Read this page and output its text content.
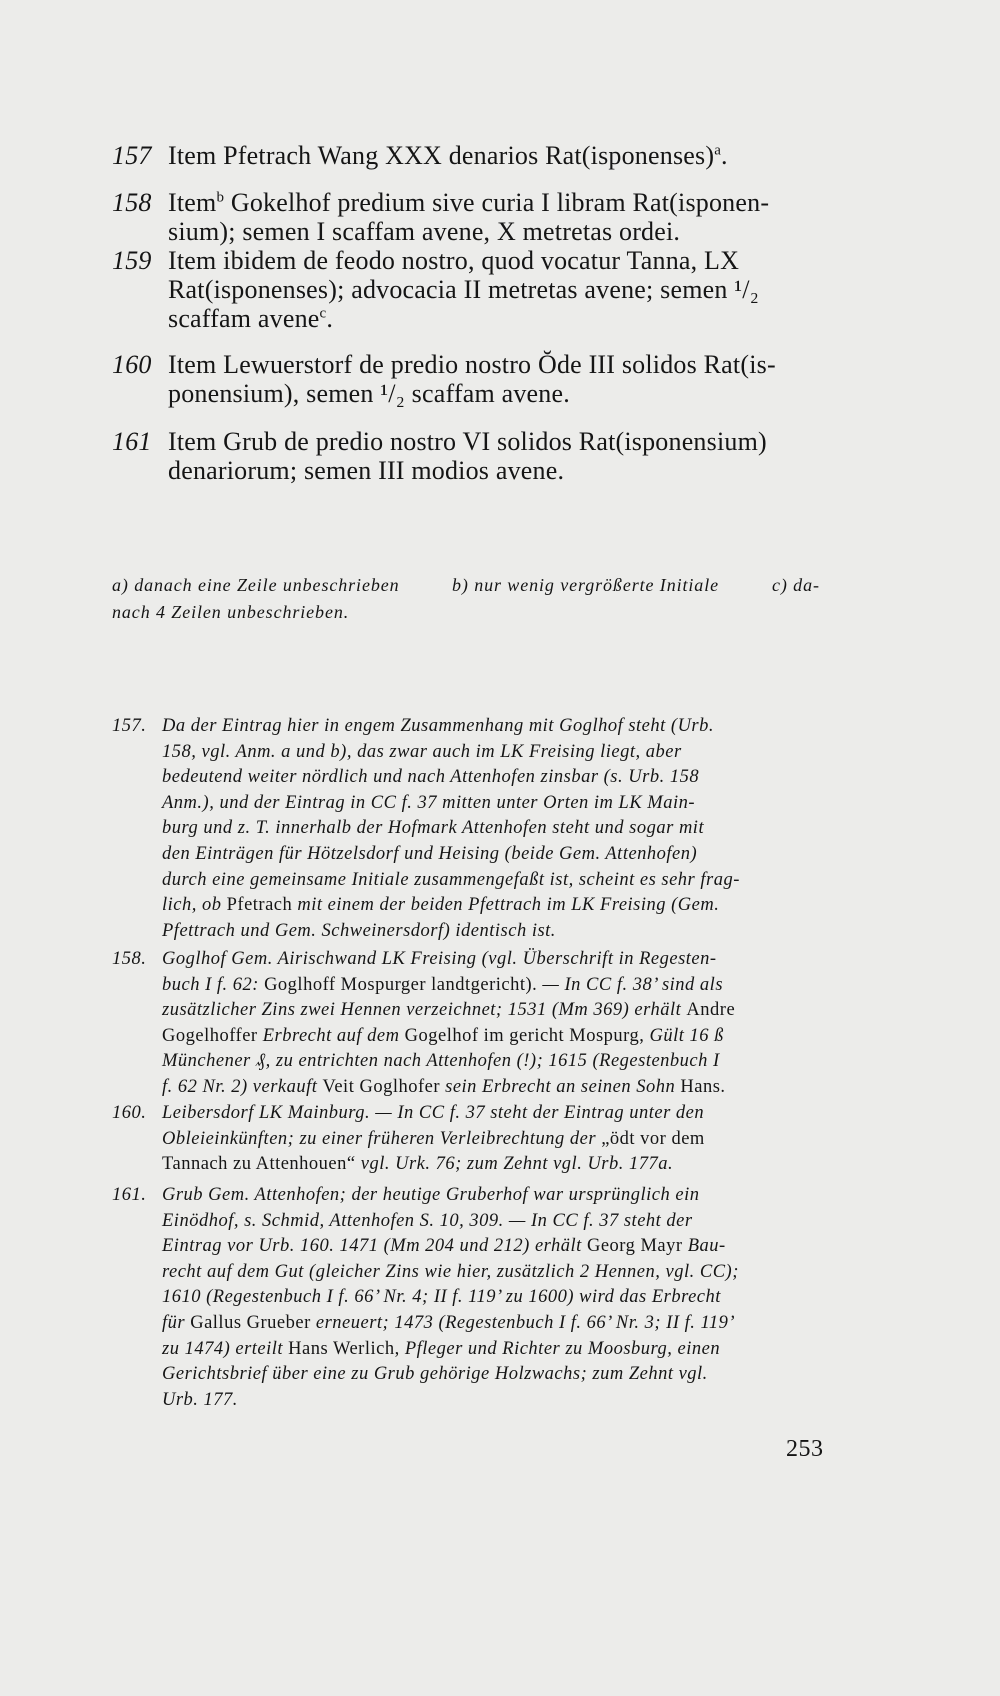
157 Item Pfetrach Wang XXX denarios Rat(isponenses)$^a$.
158 Item$^b$ Gokelhof predium sive curia I libram Rat(isponen-
sium); semen I scaffam avene, X metretas ordei.
159 Item ibidem de feodo nostro, quod vocatur Tanna, LX
Rat(isponenses); advocacia II metretas avene; semen ¹/₂
scaffam avene$^c$.
160 Item Lewuerstorf de predio nostro Ŏde III solidos Rat(is-
ponensium), semen ¹/₂ scaffam avene.
161 Item Grub de predio nostro VI solidos Rat(isponensium)
denariorum; semen III modios avene.
a) danach eine Zeile unbeschrieben	b) nur wenig vergrößerte Initiale	c) da-
nach 4 Zeilen unbeschrieben.
157. Da der Eintrag hier in engem Zusammenhang mit Goglhof steht (Urb.
158, vgl. Anm. a und b), das zwar auch im LK Freising liegt, aber
bedeutend weiter nördlich und nach Attenhofen zinsbar (s. Urb. 158
Anm.), und der Eintrag in CC f. 37 mitten unter Orten im LK Main-
burg und z. T. innerhalb der Hofmark Attenhofen steht und sogar mit
den Einträgen für Hötzelsdorf und Heising (beide Gem. Attenhofen)
durch eine gemeinsame Initiale zusammengefaßt ist, scheint es sehr frag-
lich, ob Pfetrach mit einem der beiden Pfettrach im LK Freising (Gem.
Pfettrach und Gem. Schweinersdorf) identisch ist.
158. Goglhof Gem. Airischwand LK Freising (vgl. Überschrift in Regesten-
buch I f. 62: Goglhoff Mospurger landtgericht). — In CC f. 38’ sind als
zusätzlicher Zins zwei Hennen verzeichnet; 1531 (Mm 369) erhält Andre
Gogelhoffer Erbrecht auf dem Gogelhof im gericht Mospurg, Gült 16 ß
Münchener ₰, zu entrichten nach Attenhofen (!); 1615 (Regestenbuch I
f. 62 Nr. 2) verkauft Veit Goglhofer sein Erbrecht an seinen Sohn Hans.
160. Leibersdorf LK Mainburg. — In CC f. 37 steht der Eintrag unter den
Obleieinkünften; zu einer früheren Verleibrechtung der „ödt vor dem
Tannach zu Attenhouen“ vgl. Urk. 76; zum Zehnt vgl. Urb. 177a.
161. Grub Gem. Attenhofen; der heutige Gruberhof war ursprünglich ein
Einödhof, s. Schmid, Attenhofen S. 10, 309. — In CC f. 37 steht der
Eintrag vor Urb. 160. 1471 (Mm 204 und 212) erhält Georg Mayr Bau-
recht auf dem Gut (gleicher Zins wie hier, zusätzlich 2 Hennen, vgl. CC);
1610 (Regestenbuch I f. 66’ Nr. 4; II f. 119’ zu 1600) wird das Erbrecht
für Gallus Grueber erneuert; 1473 (Regestenbuch I f. 66’ Nr. 3; II f. 119’
zu 1474) erteilt Hans Werlich, Pfleger und Richter zu Moosburg, einen
Gerichtsbrief über eine zu Grub gehörige Holzwachs; zum Zehnt vgl.
Urb. 177.
253
